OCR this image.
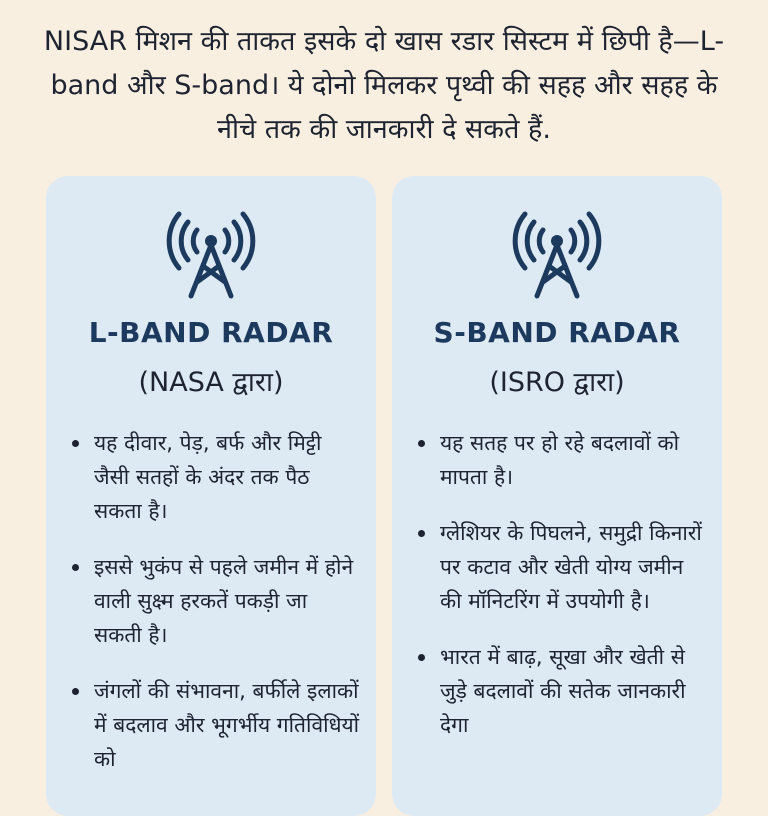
NISAR मिशन की ताकत इसके दो खास रडार सिस्टम में छिपी है—L-band और S-band। ये दोनो मिलकर पृथ्वी की सहह और सहह के नीचे तक की जानकारी दे सकते हैं.
L-BAND RADAR
(NASA द्वारा)
यह दीवार, पेड़, बर्फ और मिट्टी जैसी सतहों के अंदर तक पैठ सकता है।
इससे भुकंप से पहले जमीन में होने वाली सुक्ष्म हरकतें पकड़ी जा सकती है।
जंगलों की संभावना, बर्फीले इलाकों में बदलाव और भूगर्भीय गतिविधियों को
S-BAND RADAR
(ISRO द्वारा)
यह सतह पर हो रहे बदलावों को मापता है।
ग्लेशियर के पिघलने, समुद्री किनारों पर कटाव और खेती योग्य जमीन की मॉनिटरिंग में उपयोगी है।
भारत में बाढ़, सूखा और खेती से जुड़े बदलावों की सतेक जानकारी देगा
